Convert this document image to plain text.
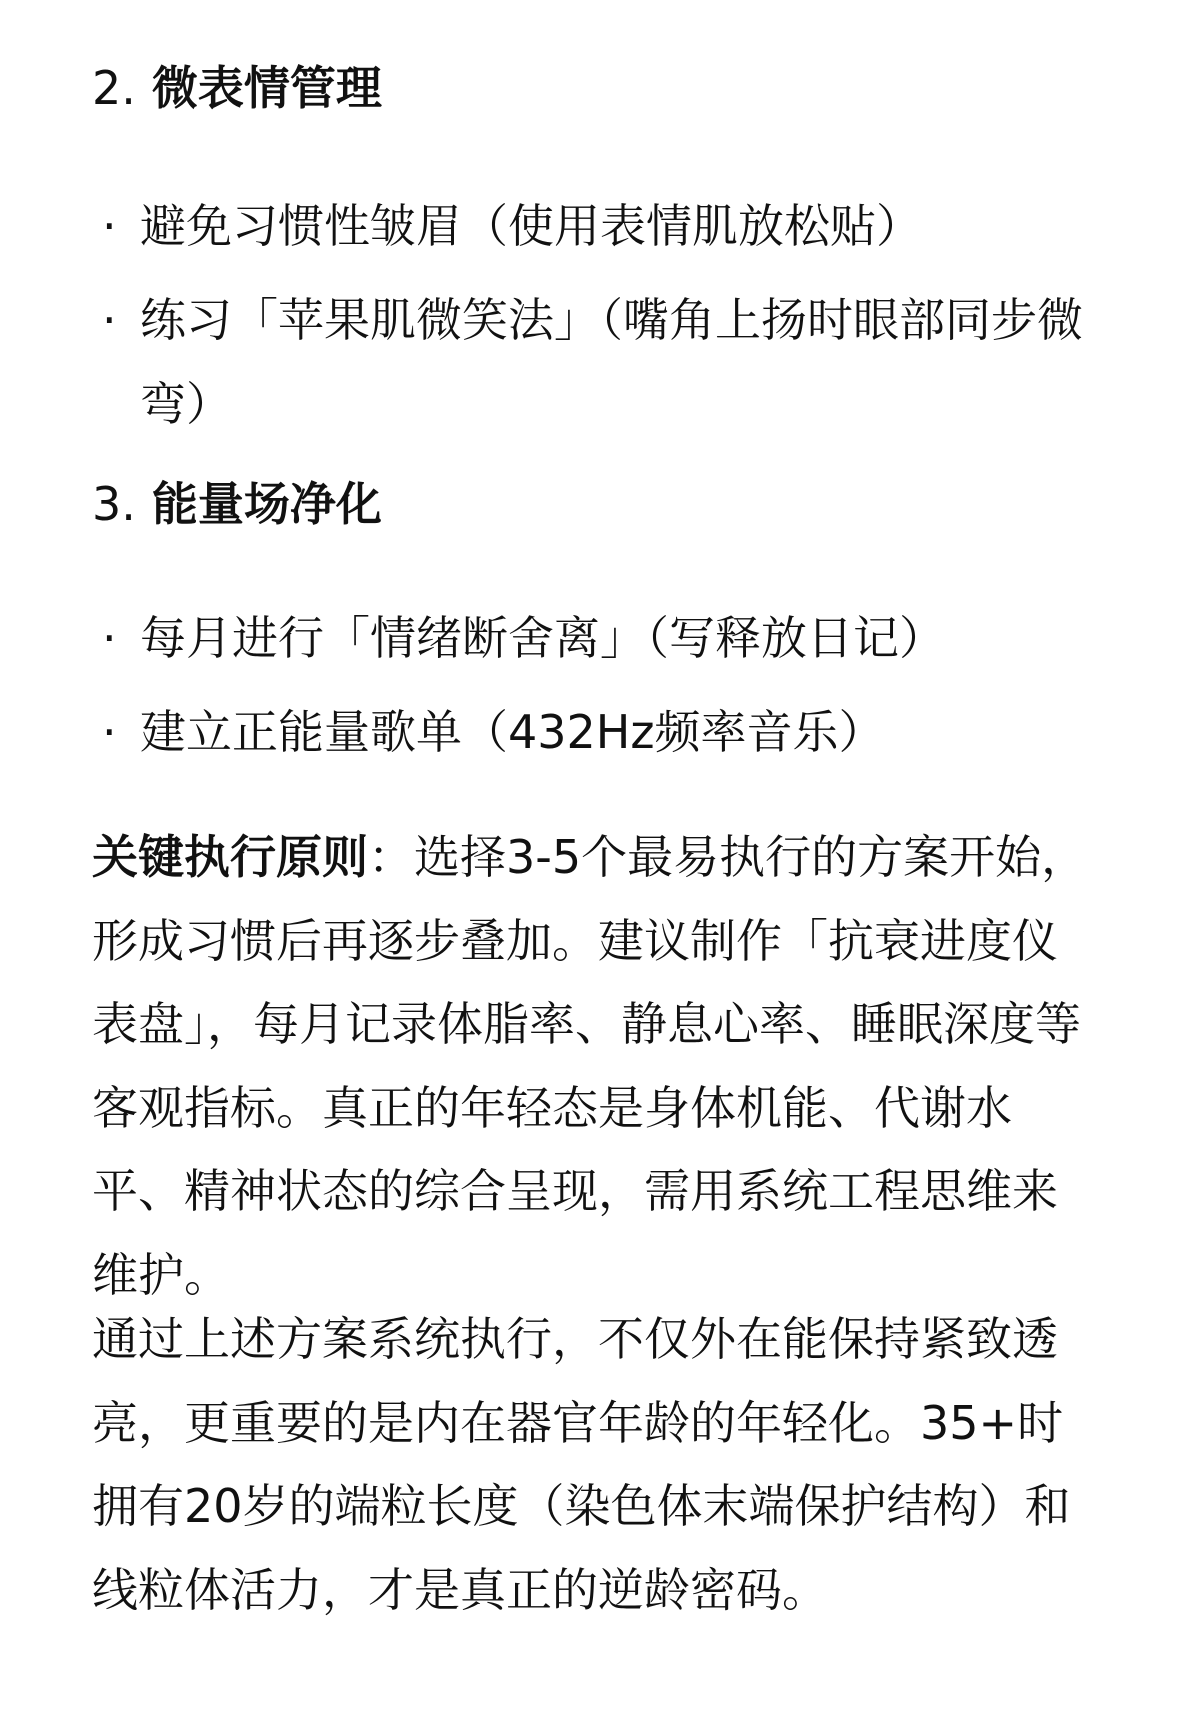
2. 微表情管理
· 避免习惯性皱眉（使用表情肌放松贴）
· 练习「苹果肌微笑法」（嘴角上扬时眼部同步微弯）
3. 能量场净化
· 每月进行「情绪断舍离」（写释放日记）
· 建立正能量歌单（432Hz频率音乐）

关键执行原则：选择3-5个最易执行的方案开始，形成习惯后再逐步叠加。建议制作「抗衰进度仪表盘」，每月记录体脂率、静息心率、睡眠深度等客观指标。真正的年轻态是身体机能、代谢水平、精神状态的综合呈现，需用系统工程思维来维护。

通过上述方案系统执行，不仅外在能保持紧致透亮，更重要的是内在器官年龄的年轻化。35+时拥有20岁的端粒长度（染色体末端保护结构）和线粒体活力，才是真正的逆龄密码。
